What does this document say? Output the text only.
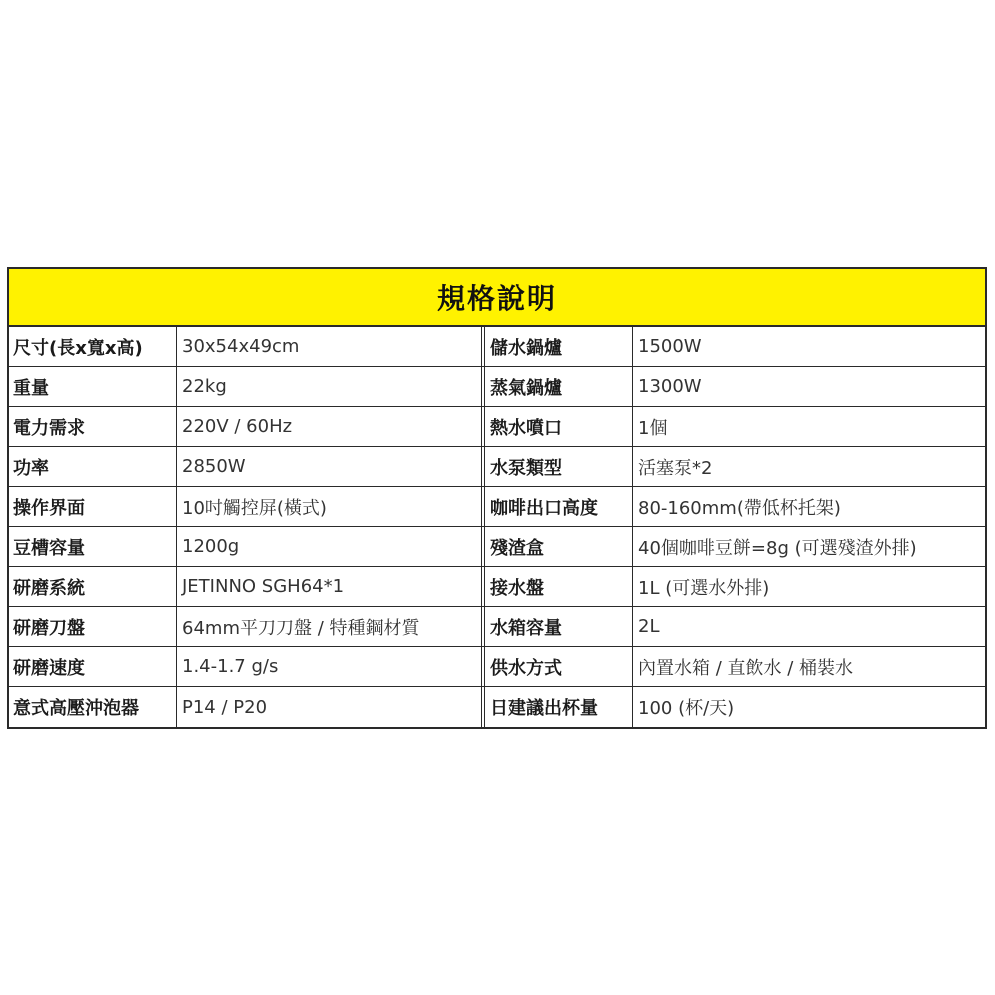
規格說明
尺寸(長x寬x高)	30x54x49cm	儲水鍋爐	1500W
重量	22kg	蒸氣鍋爐	1300W
電力需求	220V / 60Hz	熱水噴口	1個
功率	2850W	水泵類型	活塞泵*2
操作界面	10吋觸控屏(橫式)	咖啡出口高度	80-160mm(帶低杯托架)
豆槽容量	1200g	殘渣盒	40個咖啡豆餅=8g (可選殘渣外排)
研磨系統	JETINNO SGH64*1	接水盤	1L (可選水外排)
研磨刀盤	64mm平刀刀盤 / 特種鋼材質	水箱容量	2L
研磨速度	1.4-1.7 g/s	供水方式	內置水箱 / 直飲水 / 桶裝水
意式高壓沖泡器	P14 / P20	日建議出杯量	100 (杯/天)
